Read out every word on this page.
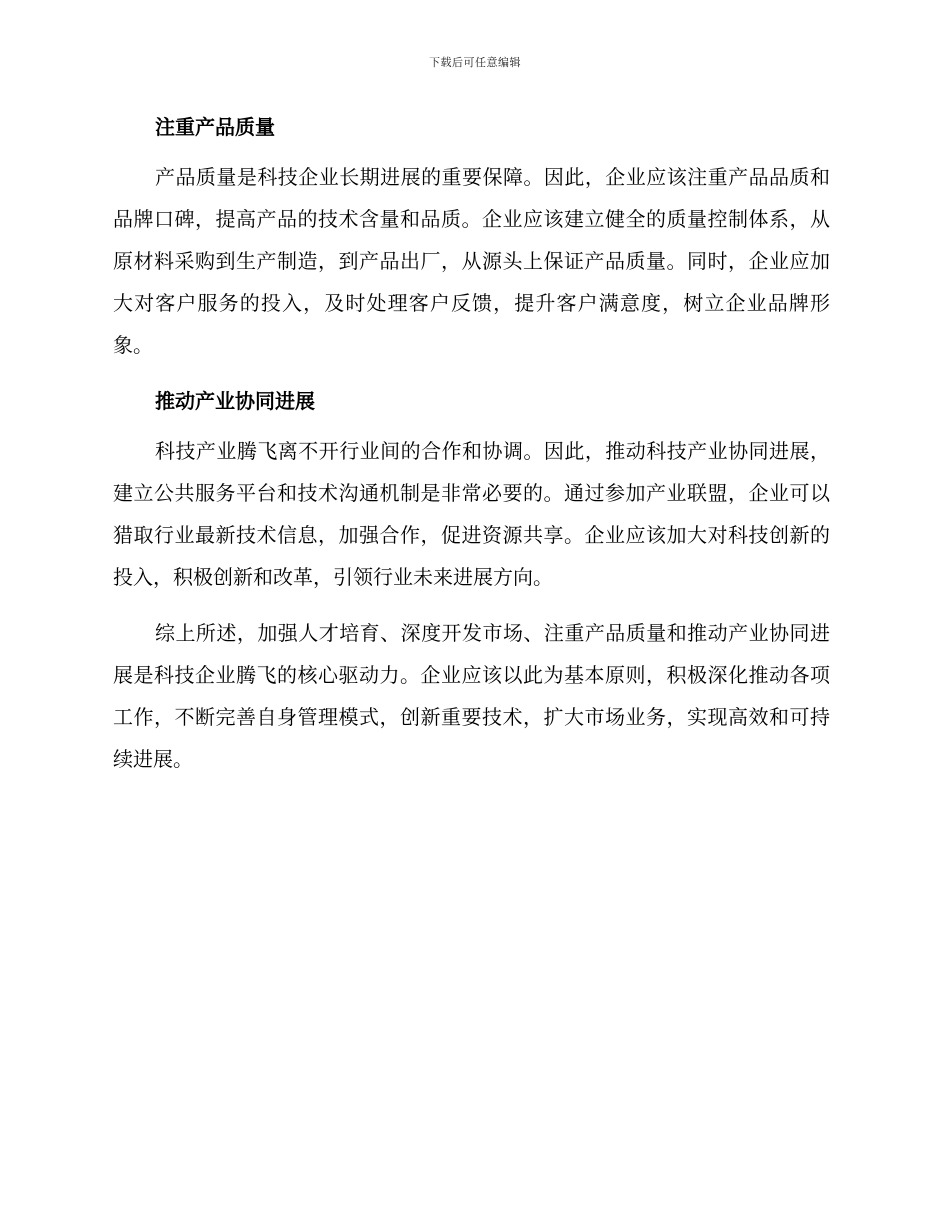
下载后可任意编辑
注重产品质量

产品质量是科技企业长期进展的重要保障。因此，企业应该注重产品品质和品牌口碑，提高产品的技术含量和品质。企业应该建立健全的质量控制体系，从原材料采购到生产制造，到产品出厂，从源头上保证产品质量。同时，企业应加大对客户服务的投入，及时处理客户反馈，提升客户满意度，树立企业品牌形象。

推动产业协同进展

科技产业腾飞离不开行业间的合作和协调。因此，推动科技产业协同进展，建立公共服务平台和技术沟通机制是非常必要的。通过参加产业联盟，企业可以猎取行业最新技术信息，加强合作，促进资源共享。企业应该加大对科技创新的投入，积极创新和改革，引领行业未来进展方向。

综上所述，加强人才培育、深度开发市场、注重产品质量和推动产业协同进展是科技企业腾飞的核心驱动力。企业应该以此为基本原则，积极深化推动各项工作，不断完善自身管理模式，创新重要技术，扩大市场业务，实现高效和可持续进展。
